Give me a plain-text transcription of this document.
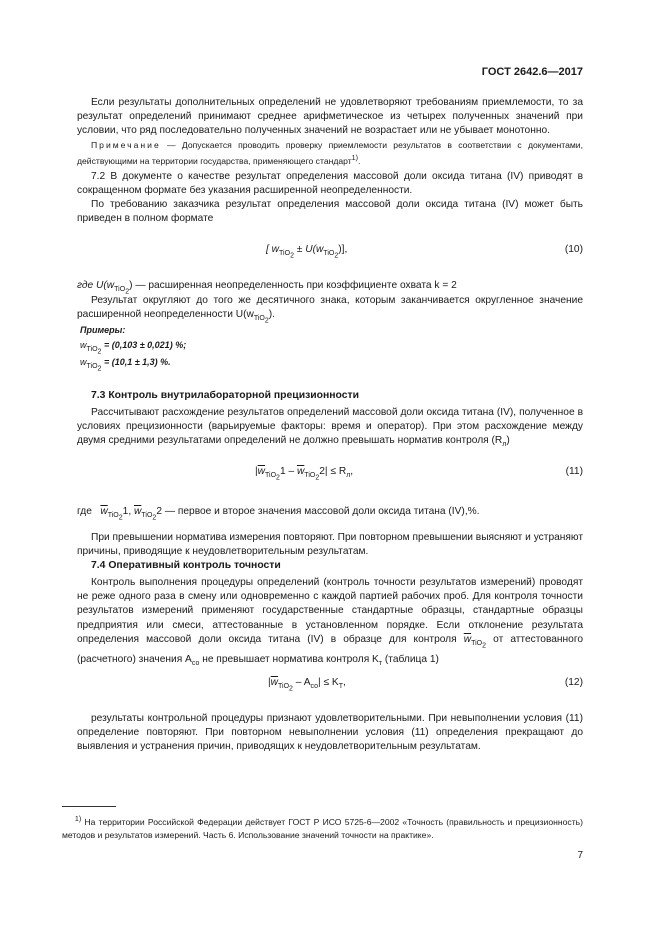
ГОСТ 2642.6—2017
Если результаты дополнительных определений не удовлетворяют требованиям приемлемости, то за результат определений принимают среднее арифметическое из четырех полученных значений при условии, что ряд последовательно полученных значений не возрастает или не убывает монотонно.
Примечание — Допускается проводить проверку приемлемости результатов в соответствии с документами, действующими на территории государства, применяющего стандарт$^{1)}$.
7.2 В документе о качестве результат определения массовой доли оксида титана (IV) приводят в сокращенном формате без указания расширенной неопределенности.
По требованию заказчика результат определения массовой доли оксида титана (IV) может быть приведен в полном формате
[ $w_{TiO_2} \pm U(w_{TiO_2})$],	(10)
где $U(w_{TiO_2})$ — расширенная неопределенность при коэффициенте охвата k = 2
Результат округляют до того же десятичного знака, которым заканчивается округленное значение расширенной неопределенности $U(w_{TiO_2})$.
Примеры:
$w_{TiO_2} = (0,103 \pm 0,021)$ %;
$w_{TiO_2} = (10,1 \pm 1,3)$ %.
7.3 Контроль внутрилабораторной прецизионности
Рассчитывают расхождение результатов определений массовой доли оксида титана (IV), полученное в условиях прецизионности (варьируемые факторы: время и оператор). При этом расхождение между двумя средними результатами определений не должно превышать норматив контроля $(R_л)$
$|\overline{w}_{TiO_2}1 - \overline{w}_{TiO_2}2| \le R_л$,	(11)
где $\overline{w}_{TiO_2}1$, $\overline{w}_{TiO_2}2$ — первое и второе значения массовой доли оксида титана (IV),%.
При превышении норматива измерения повторяют. При повторном превышении выясняют и устраняют причины, приводящие к неудовлетворительным результатам.
7.4 Оперативный контроль точности
Контроль выполнения процедуры определений (контроль точности результатов измерений) проводят не реже одного раза в смену или одновременно с каждой партией рабочих проб. Для контроля точности результатов измерений применяют государственные стандартные образцы, стандартные образцы предприятия или смеси, аттестованные в установленном порядке. Если отклонение результата определения массовой доли оксида титана (IV) в образце для контроля $\overline{w}_{TiO_2}$ от аттестованного (расчетного) значения $A_{со}$ не превышает норматива контроля $K_т$ (таблица 1)
$|\overline{w}_{TiO_2} - A_{со}| \le K_T$,	(12)
результаты контрольной процедуры признают удовлетворительными. При невыполнении условия (11) определение повторяют. При повторном невыполнении условия (11) определения прекращают до выявления и устранения причин, приводящих к неудовлетворительным результатам.
$^{1)}$ На территории Российской Федерации действует ГОСТ Р ИСО 5725-6—2002 «Точность (правильность и прецизионность) методов и результатов измерений. Часть 6. Использование значений точности на практике».
7
